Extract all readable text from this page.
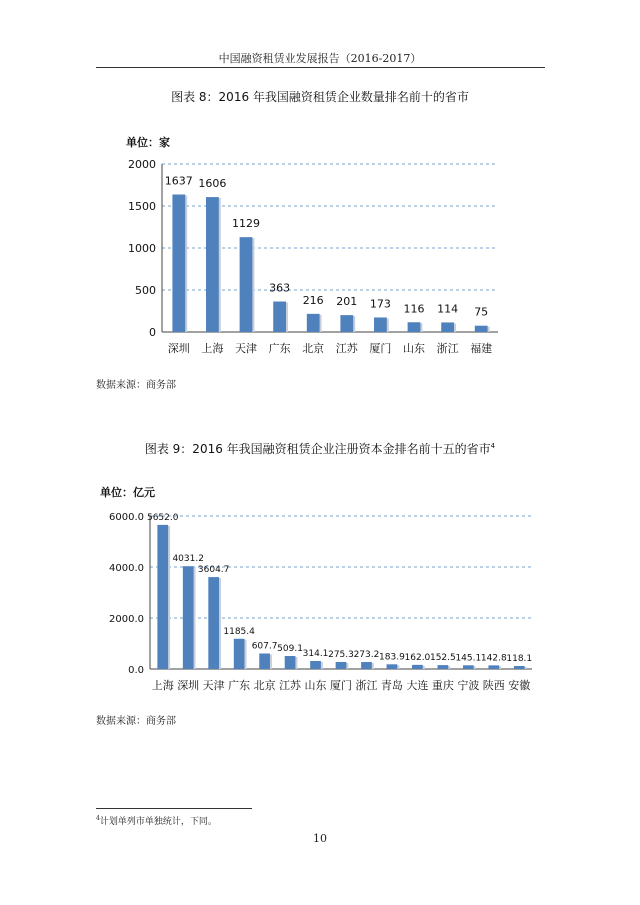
中国融资租赁业发展报告（2016-2017）
图表 8：2016 年我国融资租赁企业数量排名前十的省市
单位：家
0
500
1000
1500
2000
1637
深圳
1606
上海
1129
天津
363
广东
216
北京
201
江苏
173
厦门
116
山东
114
浙江
75
福建
数据来源：商务部
图表 9：2016 年我国融资租赁企业注册资本金排名前十五的省市$^4$
单位：亿元
0.0
2000.0
4000.0
6000.0 5652.0
上海
4031.2
深圳
3604.7
天津
1185.4
广东
607.7
北京
509.1
江苏
314.1
山东
275.3
厦门
273.2
浙江
183.9
青岛
162.0
大连
152.5
重庆
145.1
宁波
142.8
陕西
118.1
安徽
数据来源：商务部
$^4$计划单列市单独统计，下同。
10
